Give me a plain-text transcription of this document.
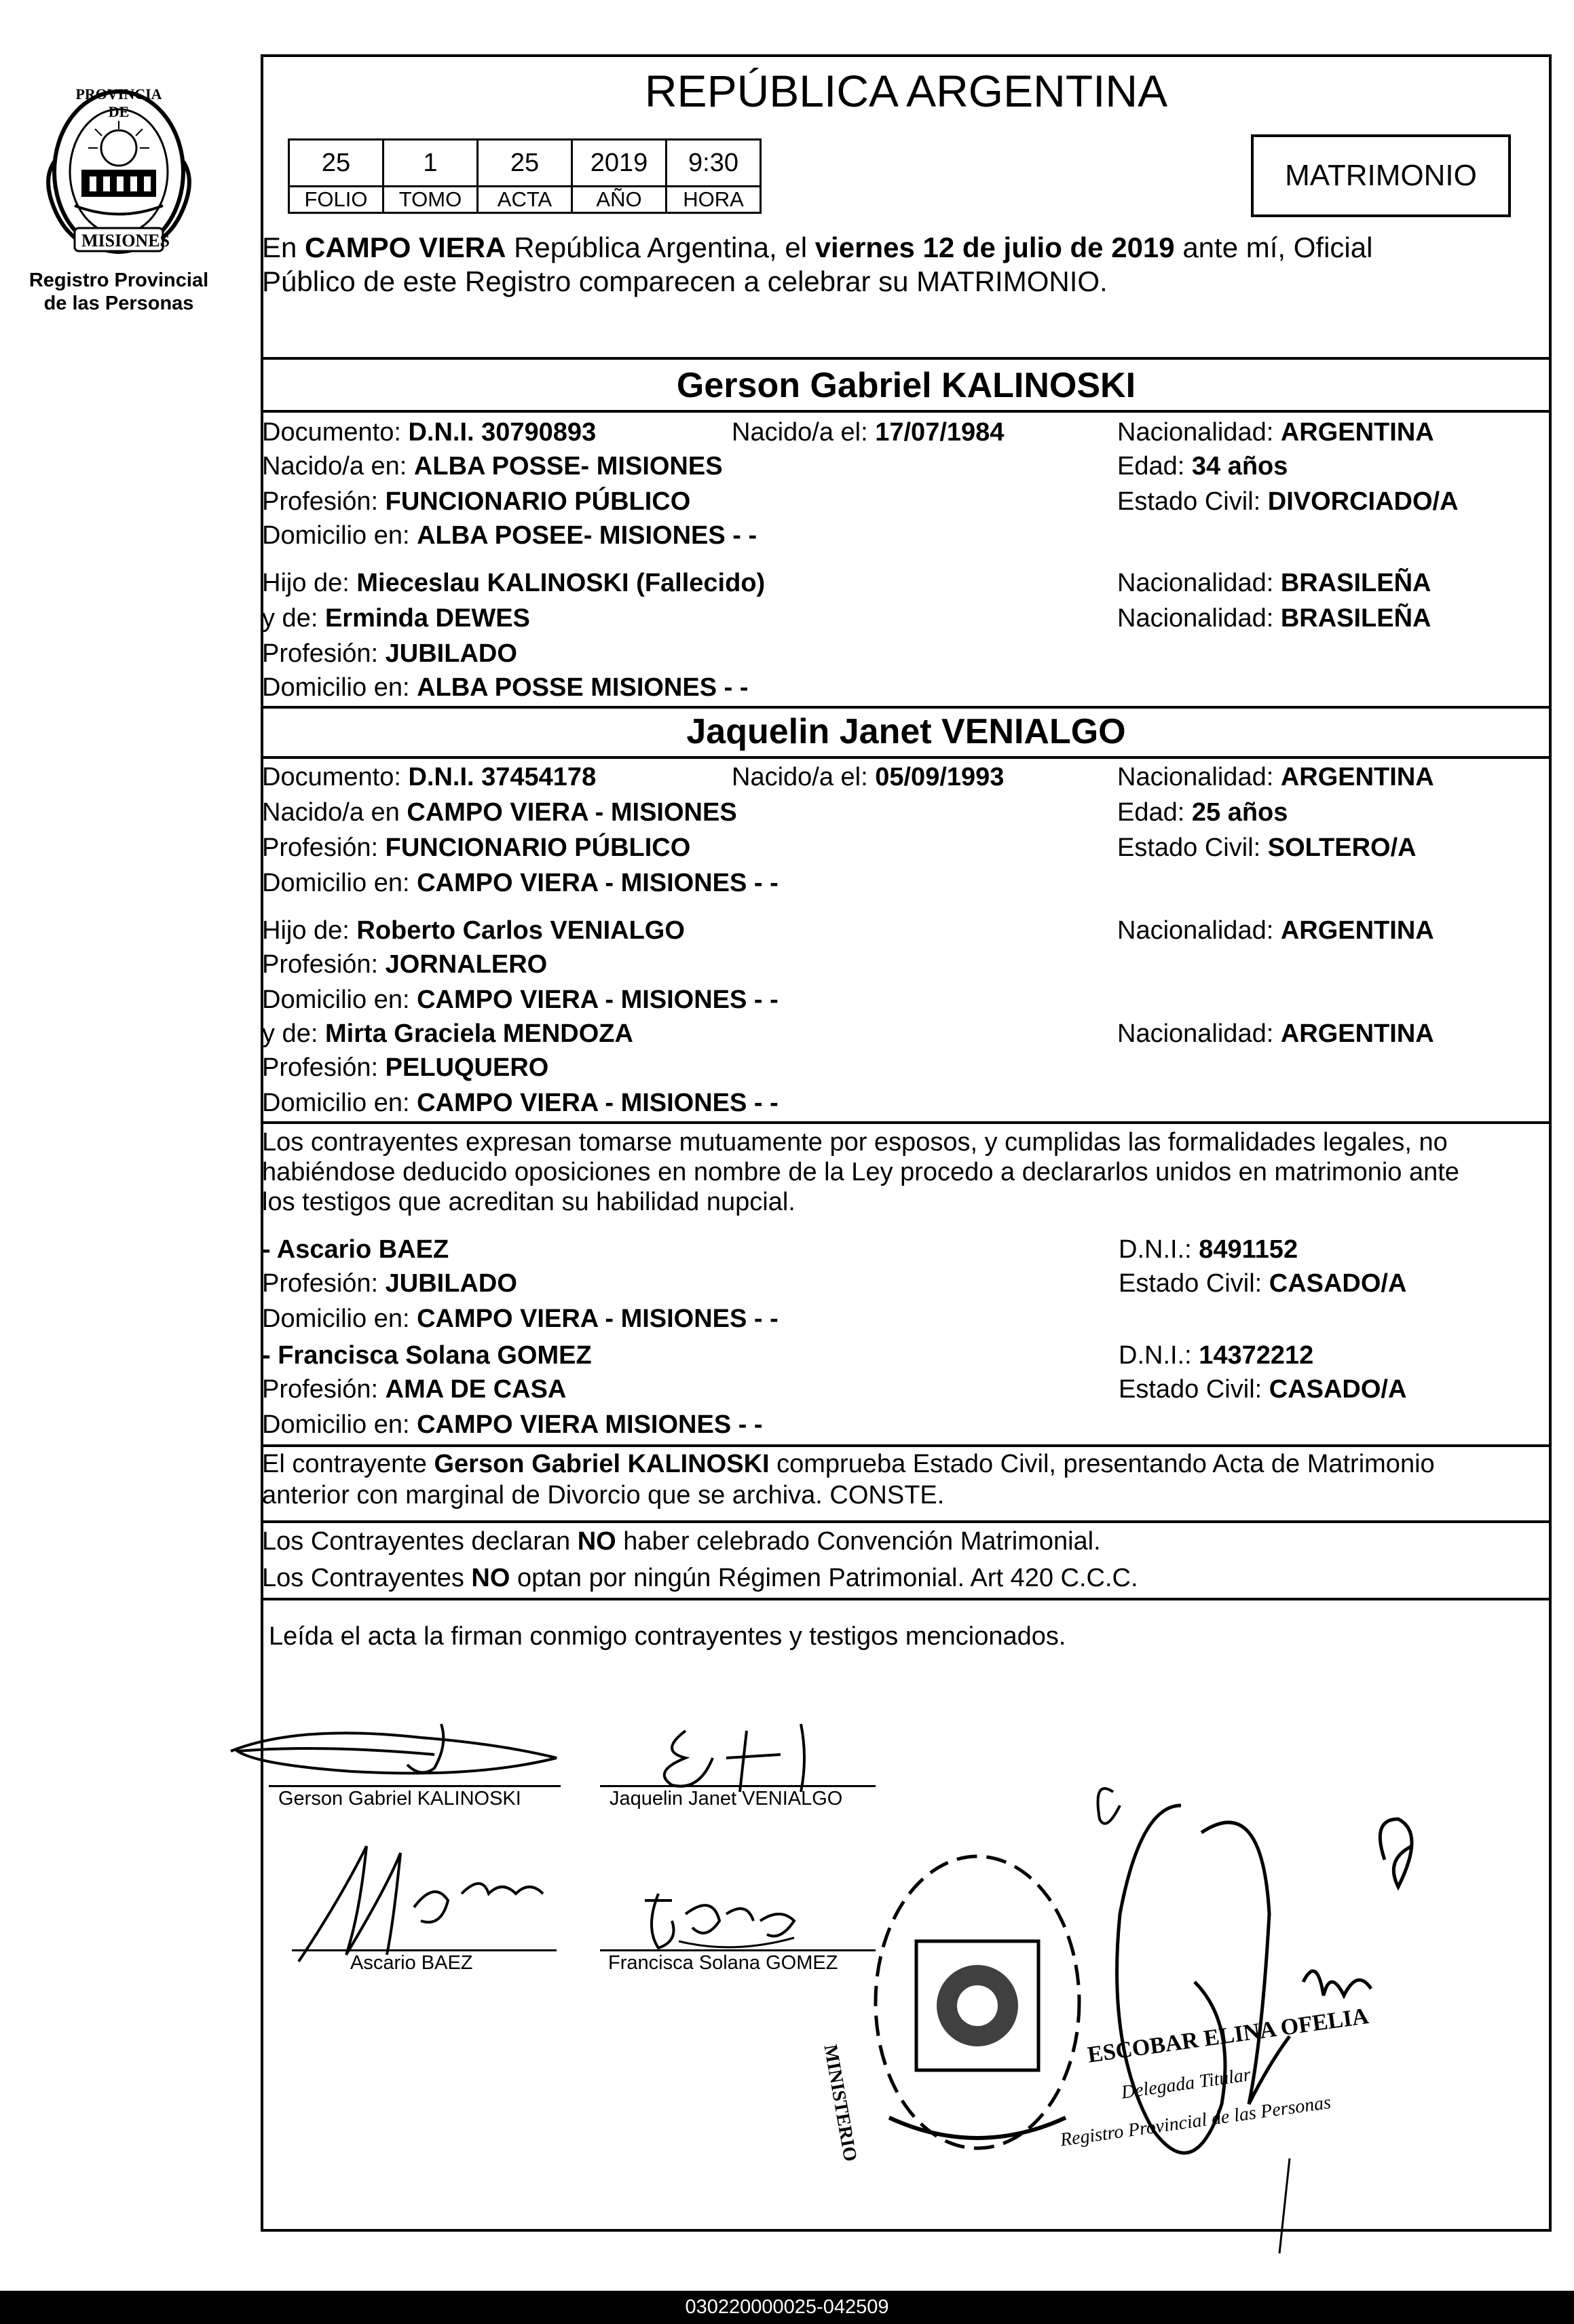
PROVINCIA DE
MISIONES
Registro Provincial
de las Personas
REPÚBLICA ARGENTINA
25	1	25	2019	9:30
FOLIO	TOMO	ACTA	AÑO	HORA
MATRIMONIO
En CAMPO VIERA República Argentina, el viernes 12 de julio de 2019 ante mí, Oficial
Público de este Registro comparecen a celebrar su MATRIMONIO.
Gerson Gabriel KALINOSKI
Documento: D.N.I. 30790893	Nacido/a el: 17/07/1984	Nacionalidad: ARGENTINA
Nacido/a en: ALBA POSSE- MISIONES	Edad: 34 años
Profesión: FUNCIONARIO PÚBLICO	Estado Civil: DIVORCIADO/A
Domicilio en: ALBA POSEE- MISIONES - -
Hijo de: Mieceslau KALINOSKI (Fallecido)	Nacionalidad: BRASILEÑA
y de: Erminda DEWES	Nacionalidad: BRASILEÑA
Profesión: JUBILADO
Domicilio en: ALBA POSSE MISIONES - -
Jaquelin Janet VENIALGO
Documento: D.N.I. 37454178	Nacido/a el: 05/09/1993	Nacionalidad: ARGENTINA
Nacido/a en CAMPO VIERA - MISIONES	Edad: 25 años
Profesión: FUNCIONARIO PÚBLICO	Estado Civil: SOLTERO/A
Domicilio en: CAMPO VIERA - MISIONES - -
Hijo de: Roberto Carlos VENIALGO	Nacionalidad: ARGENTINA
Profesión: JORNALERO
Domicilio en: CAMPO VIERA - MISIONES - -
y de: Mirta Graciela MENDOZA	Nacionalidad: ARGENTINA
Profesión: PELUQUERO
Domicilio en: CAMPO VIERA - MISIONES - -
Los contrayentes expresan tomarse mutuamente por esposos, y cumplidas las formalidades legales, no
habiéndose deducido oposiciones en nombre de la Ley procedo a declararlos unidos en matrimonio ante
los testigos que acreditan su habilidad nupcial.
- Ascario BAEZ	D.N.I.: 8491152
Profesión: JUBILADO	Estado Civil: CASADO/A
Domicilio en: CAMPO VIERA - MISIONES - -
- Francisca Solana GOMEZ	D.N.I.: 14372212
Profesión: AMA DE CASA	Estado Civil: CASADO/A
Domicilio en: CAMPO VIERA MISIONES - -
El contrayente Gerson Gabriel KALINOSKI comprueba Estado Civil, presentando Acta de Matrimonio
anterior con marginal de Divorcio que se archiva. CONSTE.
Los Contrayentes declaran NO haber celebrado Convención Matrimonial.
Los Contrayentes NO optan por ningún Régimen Patrimonial. Art 420 C.C.C.
Leída el acta la firman conmigo contrayentes y testigos mencionados.
Gerson Gabriel KALINOSKI	Jaquelin Janet VENIALGO
Ascario BAEZ	Francisca Solana GOMEZ
MINISTERIO
ESCOBAR ELINA OFELIA
Delegada Titular
Registro Provincial de las Personas
030220000025-042509
